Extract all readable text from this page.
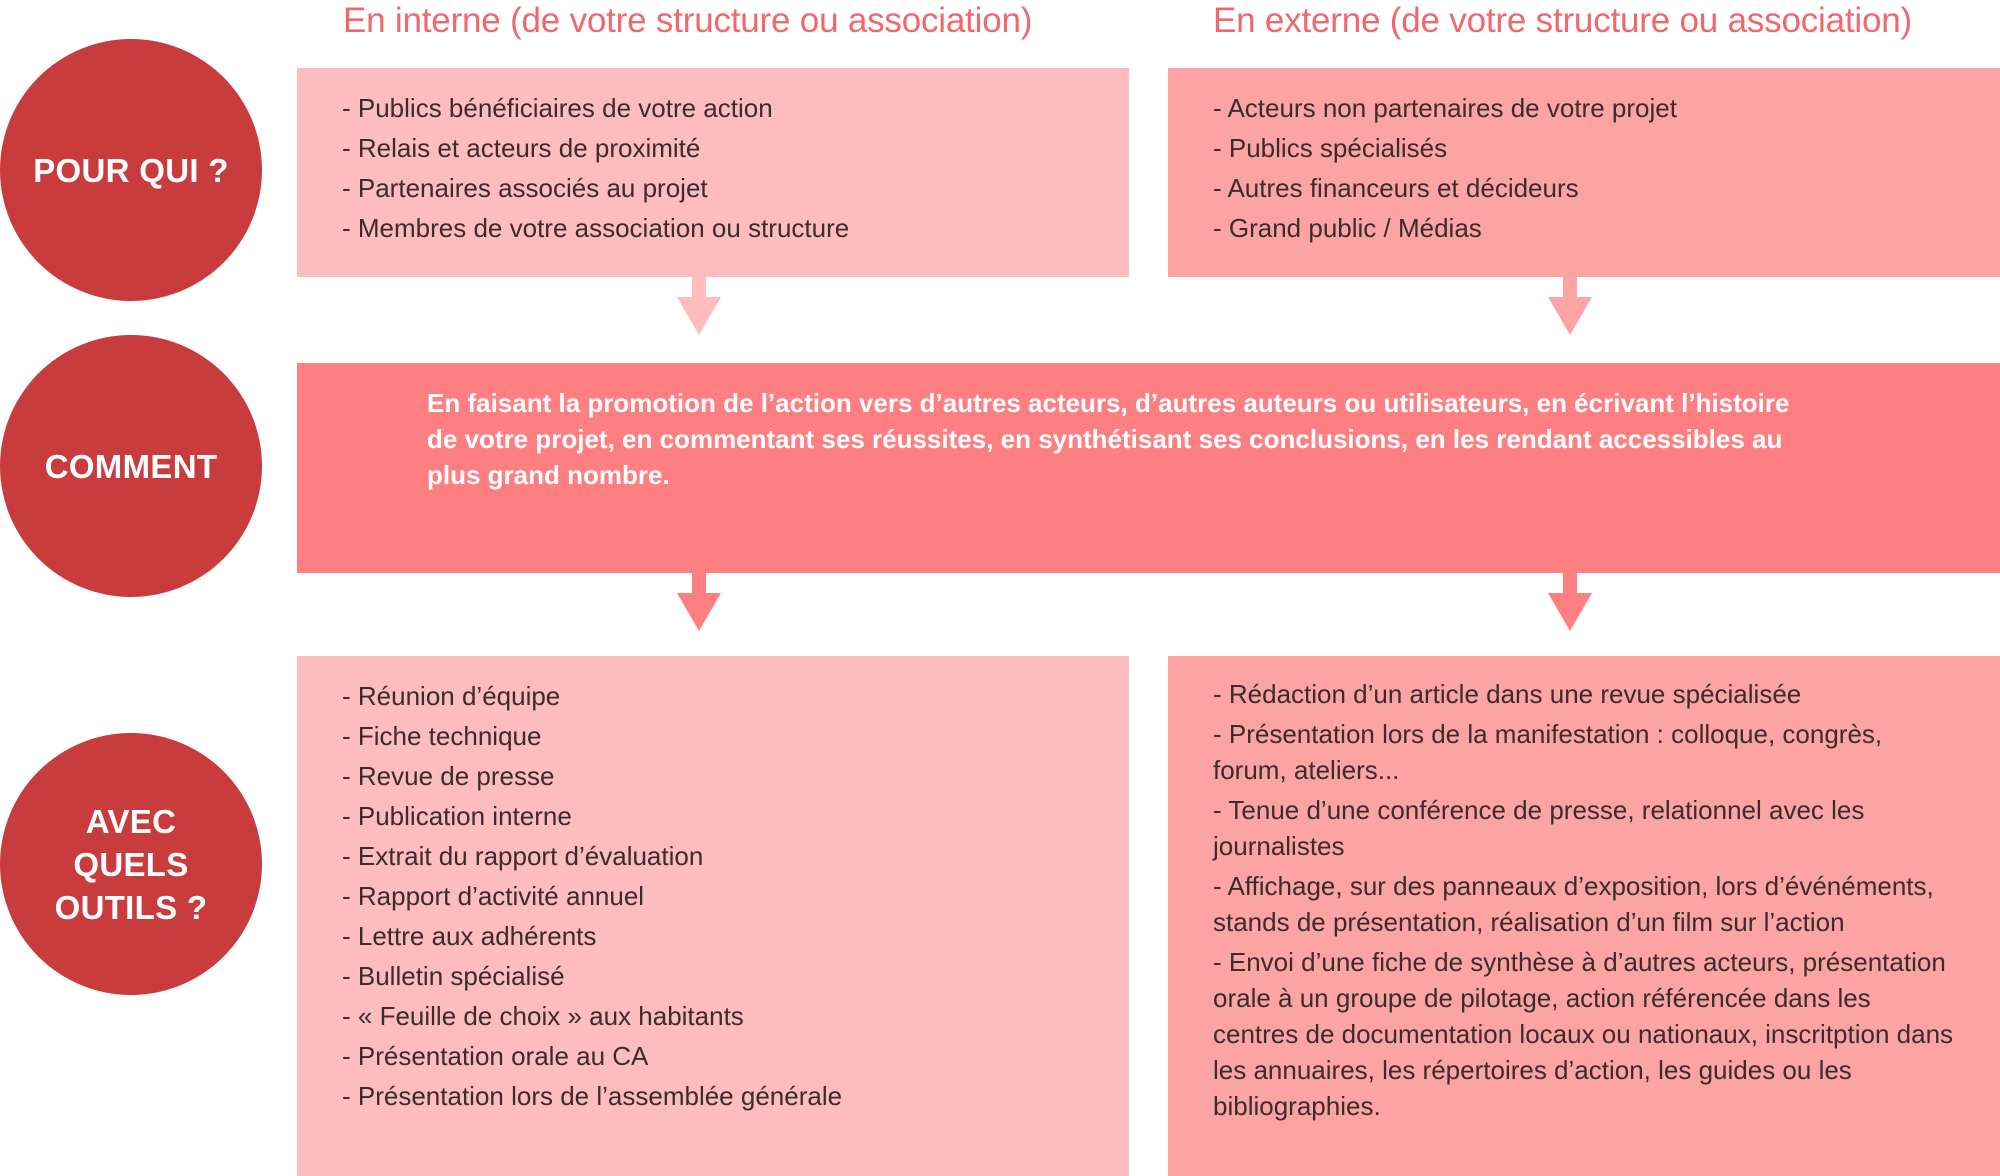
En interne (de votre structure ou association)	En externe (de votre structure ou association)
POUR QUI ?
COMMENT
AVEC
QUELS
OUTILS ?
- Publics bénéficiaires de votre action
- Relais et acteurs de proximité
- Partenaires associés au projet
- Membres de votre association ou structure
- Acteurs non partenaires de votre projet
- Publics spécialisés
- Autres financeurs et décideurs
- Grand public / Médias

En faisant la promotion de l’action vers d’autres acteurs, d’autres auteurs ou utilisateurs, en écrivant l’histoire de votre projet, en commentant ses réussites, en synthétisant ses conclusions, en les rendant accessibles au plus grand nombre.

- Réunion d’équipe
- Fiche technique
- Revue de presse
- Publication interne
- Extrait du rapport d’évaluation
- Rapport d’activité annuel
- Lettre aux adhérents
- Bulletin spécialisé
- « Feuille de choix » aux habitants
- Présentation orale au CA
- Présentation lors de l’assemblée générale
- Rédaction d’un article dans une revue spécialisée
- Présentation lors de la manifestation : colloque, congrès, forum, ateliers...
- Tenue d’une conférence de presse, relationnel avec les journalistes
- Affichage, sur des panneaux d’exposition, lors d’événéments, stands de présentation, réalisation d’un film sur l’action
- Envoi d’une fiche de synthèse à d’autres acteurs, présentation orale à un groupe de pilotage, action référencée dans les centres de documentation locaux ou nationaux, inscritption dans les annuaires, les répertoires d’action, les guides ou les bibliographies.
